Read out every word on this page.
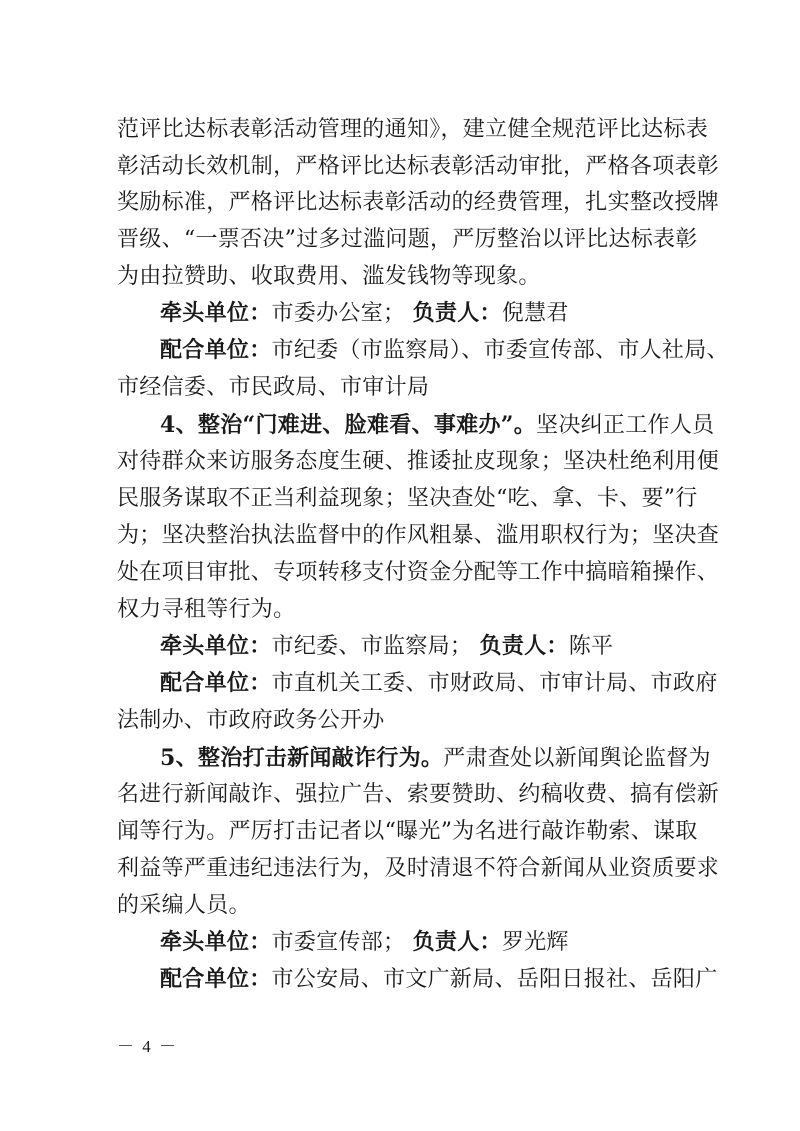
范评比达标表彰活动管理的通知》，建立健全规范评比达标表
彰活动长效机制，严格评比达标表彰活动审批，严格各项表彰
奖励标准，严格评比达标表彰活动的经费管理，扎实整改授牌
晋级、“一票否决”过多过滥问题，严厉整治以评比达标表彰
为由拉赞助、收取费用、滥发钱物等现象。
牵头单位：市委办公室； 负责人：倪慧君
配合单位：市纪委（市监察局）、市委宣传部、市人社局、
市经信委、市民政局、市审计局
4、整治“门难进、脸难看、事难办”。坚决纠正工作人员
对待群众来访服务态度生硬、推诿扯皮现象；坚决杜绝利用便
民服务谋取不正当利益现象；坚决查处“吃、拿、卡、要”行
为；坚决整治执法监督中的作风粗暴、滥用职权行为；坚决查
处在项目审批、专项转移支付资金分配等工作中搞暗箱操作、
权力寻租等行为。
牵头单位：市纪委、市监察局； 负责人：陈平
配合单位：市直机关工委、市财政局、市审计局、市政府
法制办、市政府政务公开办
5、整治打击新闻敲诈行为。严肃查处以新闻舆论监督为
名进行新闻敲诈、强拉广告、索要赞助、约稿收费、搞有偿新
闻等行为。严厉打击记者以“曝光”为名进行敲诈勒索、谋取
利益等严重违纪违法行为，及时清退不符合新闻从业资质要求
的采编人员。
牵头单位：市委宣传部； 负责人：罗光辉
配合单位：市公安局、市文广新局、岳阳日报社、岳阳广
－ 4 －
